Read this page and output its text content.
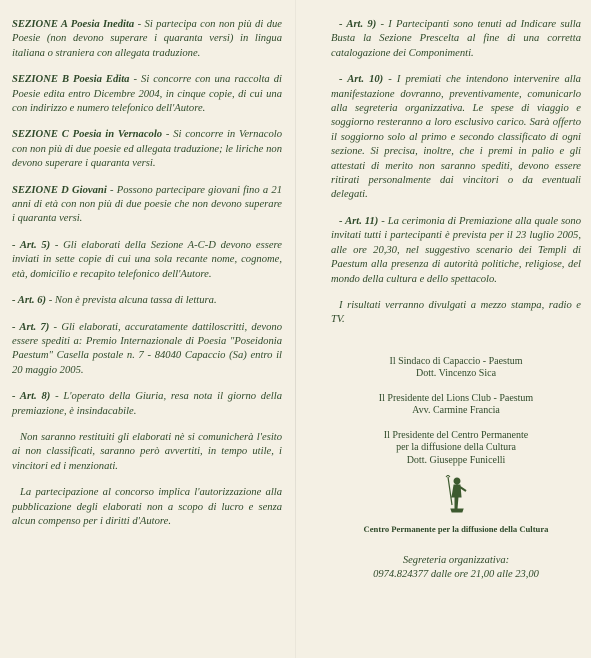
SEZIONE A Poesia Inedita - Si partecipa con non più di due Poesie (non devono superare i quaranta versi) in lingua italiana o straniera con allegata traduzione.

SEZIONE B Poesia Edita - Si concorre con una raccolta di Poesie edita entro Dicembre 2004, in cinque copie, di cui una con indirizzo e numero telefonico dell'Autore.

SEZIONE C Poesia in Vernacolo - Si concorre in Vernacolo con non più di due poesie ed allegata traduzione; le liriche non devono superare i quaranta versi.

SEZIONE D Giovani - Possono partecipare giovani fino a 21 anni di età con non più di due poesie che non devono superare i quaranta versi.

- Art. 5) - Gli elaborati della Sezione A-C-D devono essere inviati in sette copie di cui una sola recante nome, cognome, età, domicilio e recapito telefonico dell'Autore.

- Art. 6) - Non è prevista alcuna tassa di lettura.

- Art. 7) - Gli elaborati, accuratamente dattiloscritti, devono essere spediti a: Premio Internazionale di Poesia "Poseidonia Paestum" Casella postale n. 7 - 84040 Capaccio (Sa) entro il 20 maggio 2005.

- Art. 8) - L'operato della Giuria, resa nota il giorno della premiazione, è insindacabile.

Non saranno restituiti gli elaborati nè si comunicherà l'esito ai non classificati, saranno però avvertiti, in tempo utile, i vincitori ed i menzionati.

La partecipazione al concorso implica l'autorizzazione alla pubblicazione degli elaborati non a scopo di lucro e senza alcun compenso per i diritti d'Autore.

- Art. 9) - I Partecipanti sono tenuti ad Indicare sulla Busta la Sezione Prescelta al fine di una corretta catalogazione dei Componimenti.

- Art. 10) - I premiati che intendono intervenire alla manifestazione dovranno, preventivamente, comunicarlo alla segreteria organizzativa. Le spese di viaggio e soggiorno resteranno a loro esclusivo carico. Sarà offerto il soggiorno solo al primo e secondo classificato di ogni sezione. Si precisa, inoltre, che i premi in palio e gli attestati di merito non saranno spediti, devono essere ritirati personalmente dai vincitori o da eventuali delegati.

- Art. 11) - La cerimonia di Premiazione alla quale sono invitati tutti i partecipanti è prevista per il 23 luglio 2005, alle ore 20,30, nel suggestivo scenario dei Templi di Paestum alla presenza di autorità politiche, religiose, del mondo della cultura e dello spettacolo.

I risultati verranno divulgati a mezzo stampa, radio e TV.

Il Sindaco di Capaccio - Paestum

Dott. Vincenzo Sica

Il Presidente del Lions Club - Paestum

Avv. Carmine Francia

Il Presidente del Centro Permanente

per la diffusione della Cultura

Dott. Giuseppe Funicelli

Centro Permanente per la diffusione della Cultura
Segreteria organizzativa:
0974.824377 dalle ore 21,00 alle 23,00
